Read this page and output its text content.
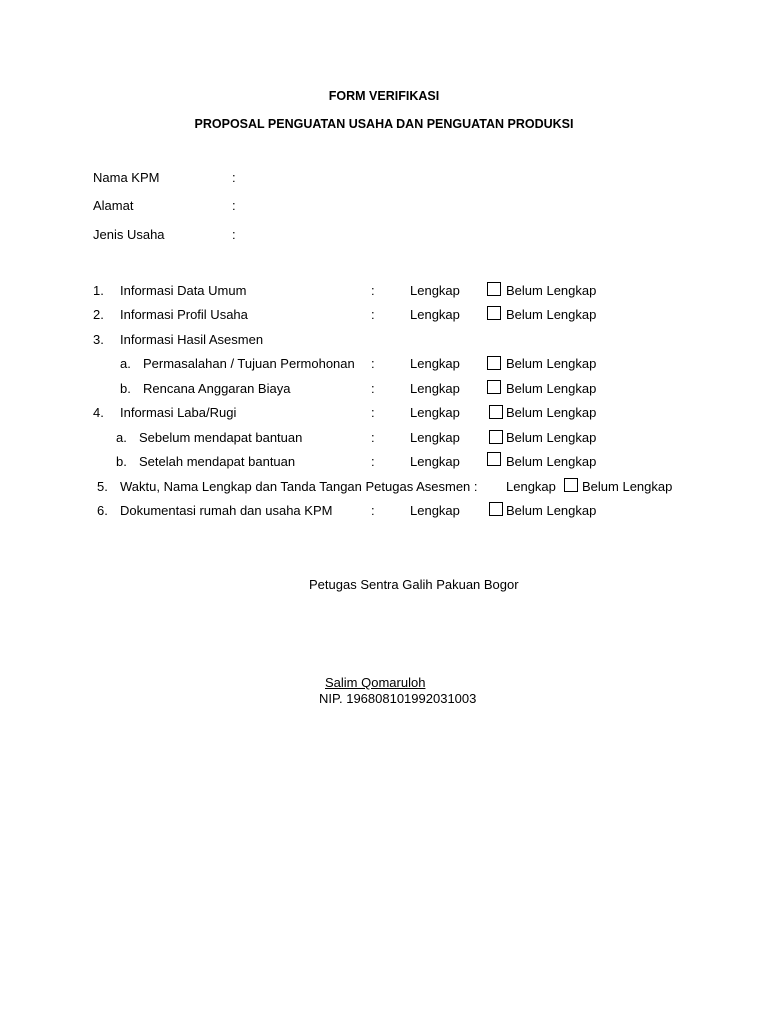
FORM VERIFIKASI
PROPOSAL PENGUATAN USAHA DAN PENGUATAN PRODUKSI
Nama KPM	:
Alamat	:
Jenis Usaha	:
1. Informasi Data Umum	:	Lengkap	Belum Lengkap
2. Informasi Profil Usaha	:	Lengkap	Belum Lengkap
3. Informasi Hasil Asesmen
a. Permasalahan / Tujuan Permohonan :	Lengkap	Belum Lengkap
b. Rencana Anggaran Biaya	:	Lengkap	Belum Lengkap
4. Informasi Laba/Rugi	:	Lengkap	Belum Lengkap
a. Sebelum mendapat bantuan	:	Lengkap	Belum Lengkap
b. Setelah mendapat bantuan	:	Lengkap	Belum Lengkap
5. Waktu, Nama Lengkap dan Tanda Tangan Petugas Asesmen : Lengkap Belum Lengkap
6. Dokumentasi rumah dan usaha KPM	:	Lengkap	Belum Lengkap
Petugas Sentra Galih Pakuan Bogor
Salim Qomaruloh
NIP. 196808101992031003
